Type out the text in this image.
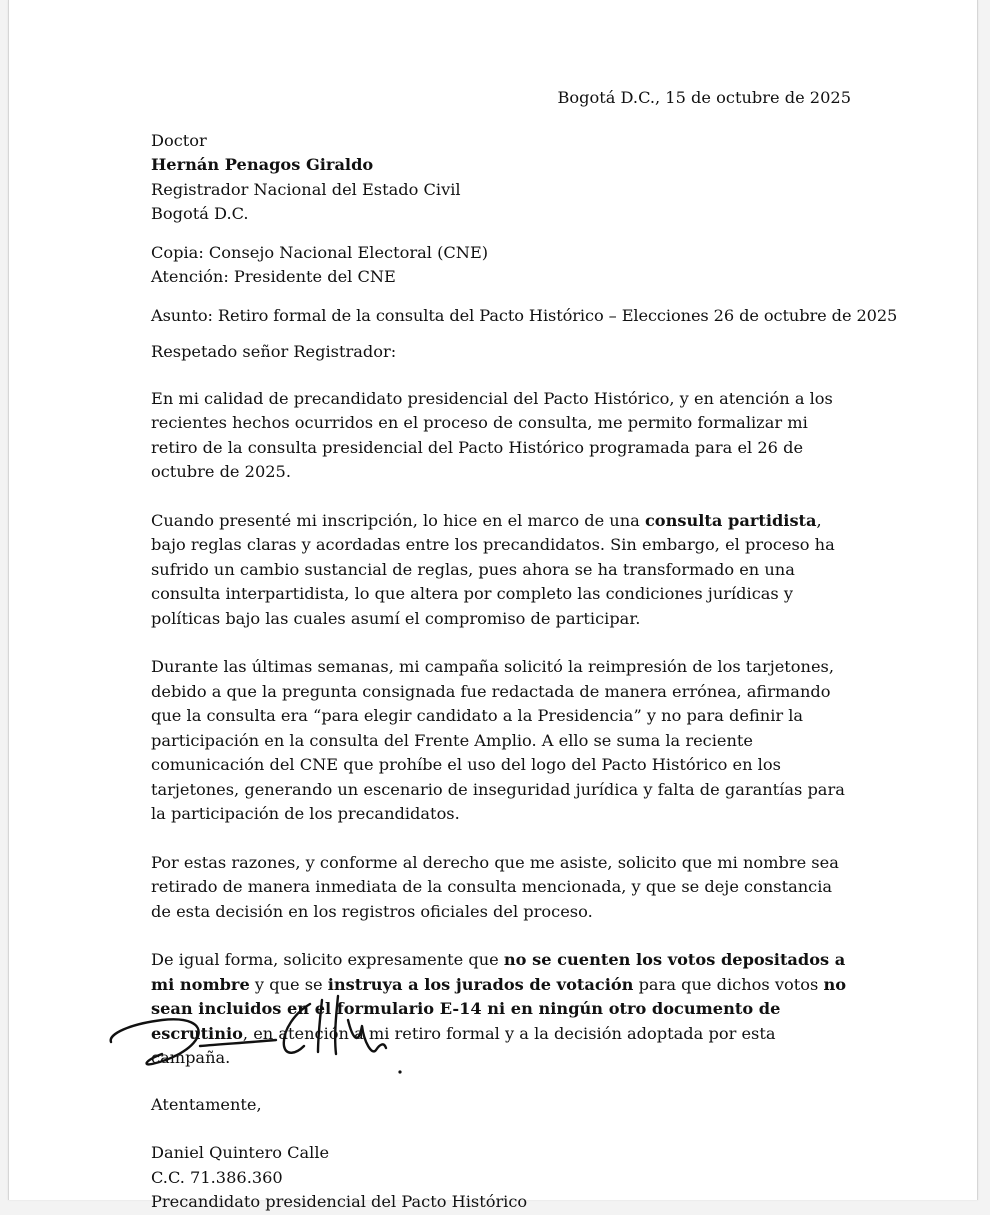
Bogotá D.C., 15 de octubre de 2025

Doctor

Hernán Penagos Giraldo

Registrador Nacional del Estado Civil

Bogotá D.C.

Copia: Consejo Nacional Electoral (CNE)

Atención: Presidente del CNE

Asunto: Retiro formal de la consulta del Pacto Histórico – Elecciones 26 de octubre de 2025

Respetado señor Registrador:

En mi calidad de precandidato presidencial del Pacto Histórico, y en atención a los recientes hechos ocurridos en el proceso de consulta, me permito formalizar mi retiro de la consulta presidencial del Pacto Histórico programada para el 26 de octubre de 2025.

Cuando presenté mi inscripción, lo hice en el marco de una consulta partidista, bajo reglas claras y acordadas entre los precandidatos. Sin embargo, el proceso ha sufrido un cambio sustancial de reglas, pues ahora se ha transformado en una consulta interpartidista, lo que altera por completo las condiciones jurídicas y políticas bajo las cuales asumí el compromiso de participar.

Durante las últimas semanas, mi campaña solicitó la reimpresión de los tarjetones, debido a que la pregunta consignada fue redactada de manera errónea, afirmando que la consulta era “para elegir candidato a la Presidencia” y no para definir la participación en la consulta del Frente Amplio. A ello se suma la reciente comunicación del CNE que prohíbe el uso del logo del Pacto Histórico en los tarjetones, generando un escenario de inseguridad jurídica y falta de garantías para la participación de los precandidatos.

Por estas razones, y conforme al derecho que me asiste, solicito que mi nombre sea retirado de manera inmediata de la consulta mencionada, y que se deje constancia de esta decisión en los registros oficiales del proceso.

De igual forma, solicito expresamente que no se cuenten los votos depositados a mi nombre y que se instruya a los jurados de votación para que dichos votos no sean incluidos en el formulario E-14 ni en ningún otro documento de escrutinio, en atención a mi retiro formal y a la decisión adoptada por esta campaña.

Atentamente,

Daniel Quintero Calle

C.C. 71.386.360

Precandidato presidencial del Pacto Histórico
